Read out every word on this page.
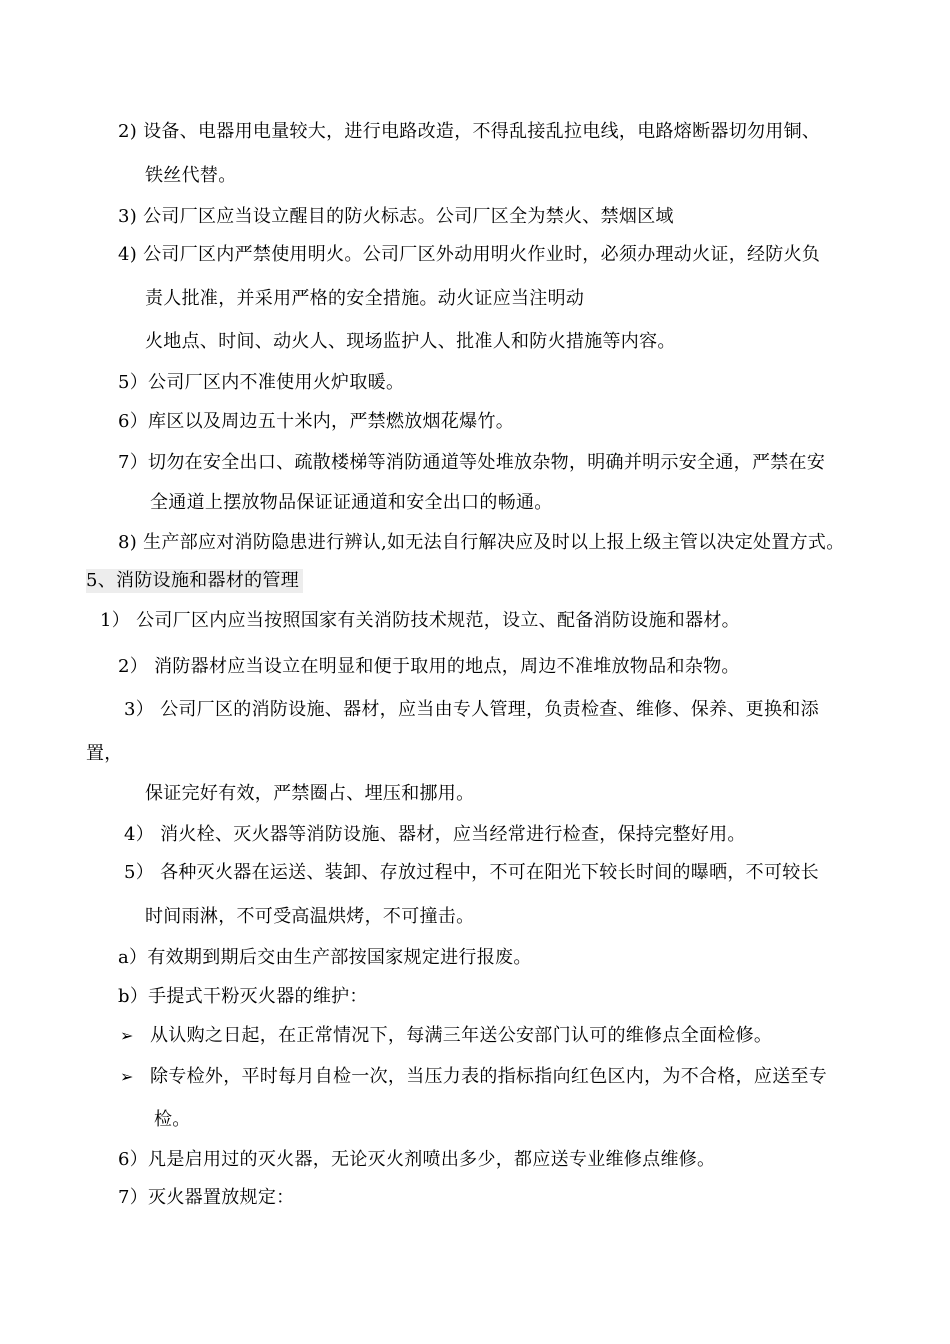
2) 设备、电器用电量较大，进行电路改造，不得乱接乱拉电线，电路熔断器切勿用铜、
铁丝代替。
3) 公司厂区应当设立醒目的防火标志。公司厂区全为禁火、禁烟区域
4) 公司厂区内严禁使用明火。公司厂区外动用明火作业时，必须办理动火证，经防火负
责人批准，并采用严格的安全措施。动火证应当注明动
火地点、时间、动火人、现场监护人、批准人和防火措施等内容。
5）公司厂区内不准使用火炉取暖。
6）库区以及周边五十米内，严禁燃放烟花爆竹。
7）切勿在安全出口、疏散楼梯等消防通道等处堆放杂物，明确并明示安全通，严禁在安
全通道上摆放物品保证证通道和安全出口的畅通。
8) 生产部应对消防隐患进行辨认,如无法自行解决应及时以上报上级主管以决定处置方式。
5、消防设施和器材的管理
1） 公司厂区内应当按照国家有关消防技术规范，设立、配备消防设施和器材。
2） 消防器材应当设立在明显和便于取用的地点，周边不准堆放物品和杂物。
3） 公司厂区的消防设施、器材，应当由专人管理，负责检查、维修、保养、更换和添
置，
保证完好有效，严禁圈占、埋压和挪用。
4） 消火栓、灭火器等消防设施、器材，应当经常进行检查，保持完整好用。
5） 各种灭火器在运送、装卸、存放过程中，不可在阳光下较长时间的曝晒，不可较长
时间雨淋，不可受高温烘烤，不可撞击。
a）有效期到期后交由生产部按国家规定进行报废。
b）手提式干粉灭火器的维护：
➢ 从认购之日起，在正常情况下，每满三年送公安部门认可的维修点全面检修。
➢ 除专检外，平时每月自检一次，当压力表的指标指向红色区内，为不合格，应送至专
检。
6）凡是启用过的灭火器，无论灭火剂喷出多少，都应送专业维修点维修。
7）灭火器置放规定：
